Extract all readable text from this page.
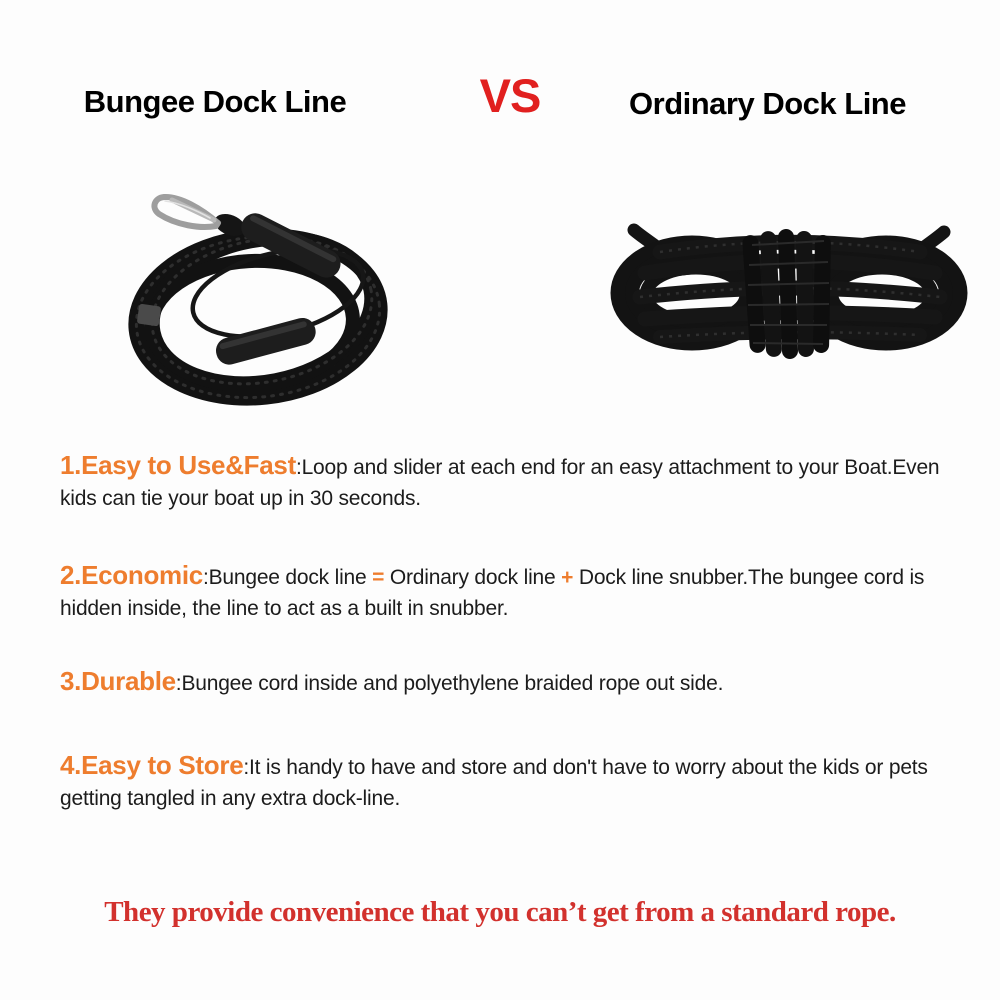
Bungee Dock Line	VS	Ordinary Dock Line

1.Easy to Use&Fast:Loop and slider at each end for an easy attachment to your Boat.Even kids can tie your boat up in 30 seconds.

2.Economic:Bungee dock line = Ordinary dock line + Dock line snubber.The bungee cord is hidden inside, the line to act as a built in snubber.

3.Durable:Bungee cord inside and polyethylene braided rope out side.

4.Easy to Store:It is handy to have and store and don't have to worry about the kids or pets getting tangled in any extra dock-line.

They provide convenience that you can’t get from a standard rope.
